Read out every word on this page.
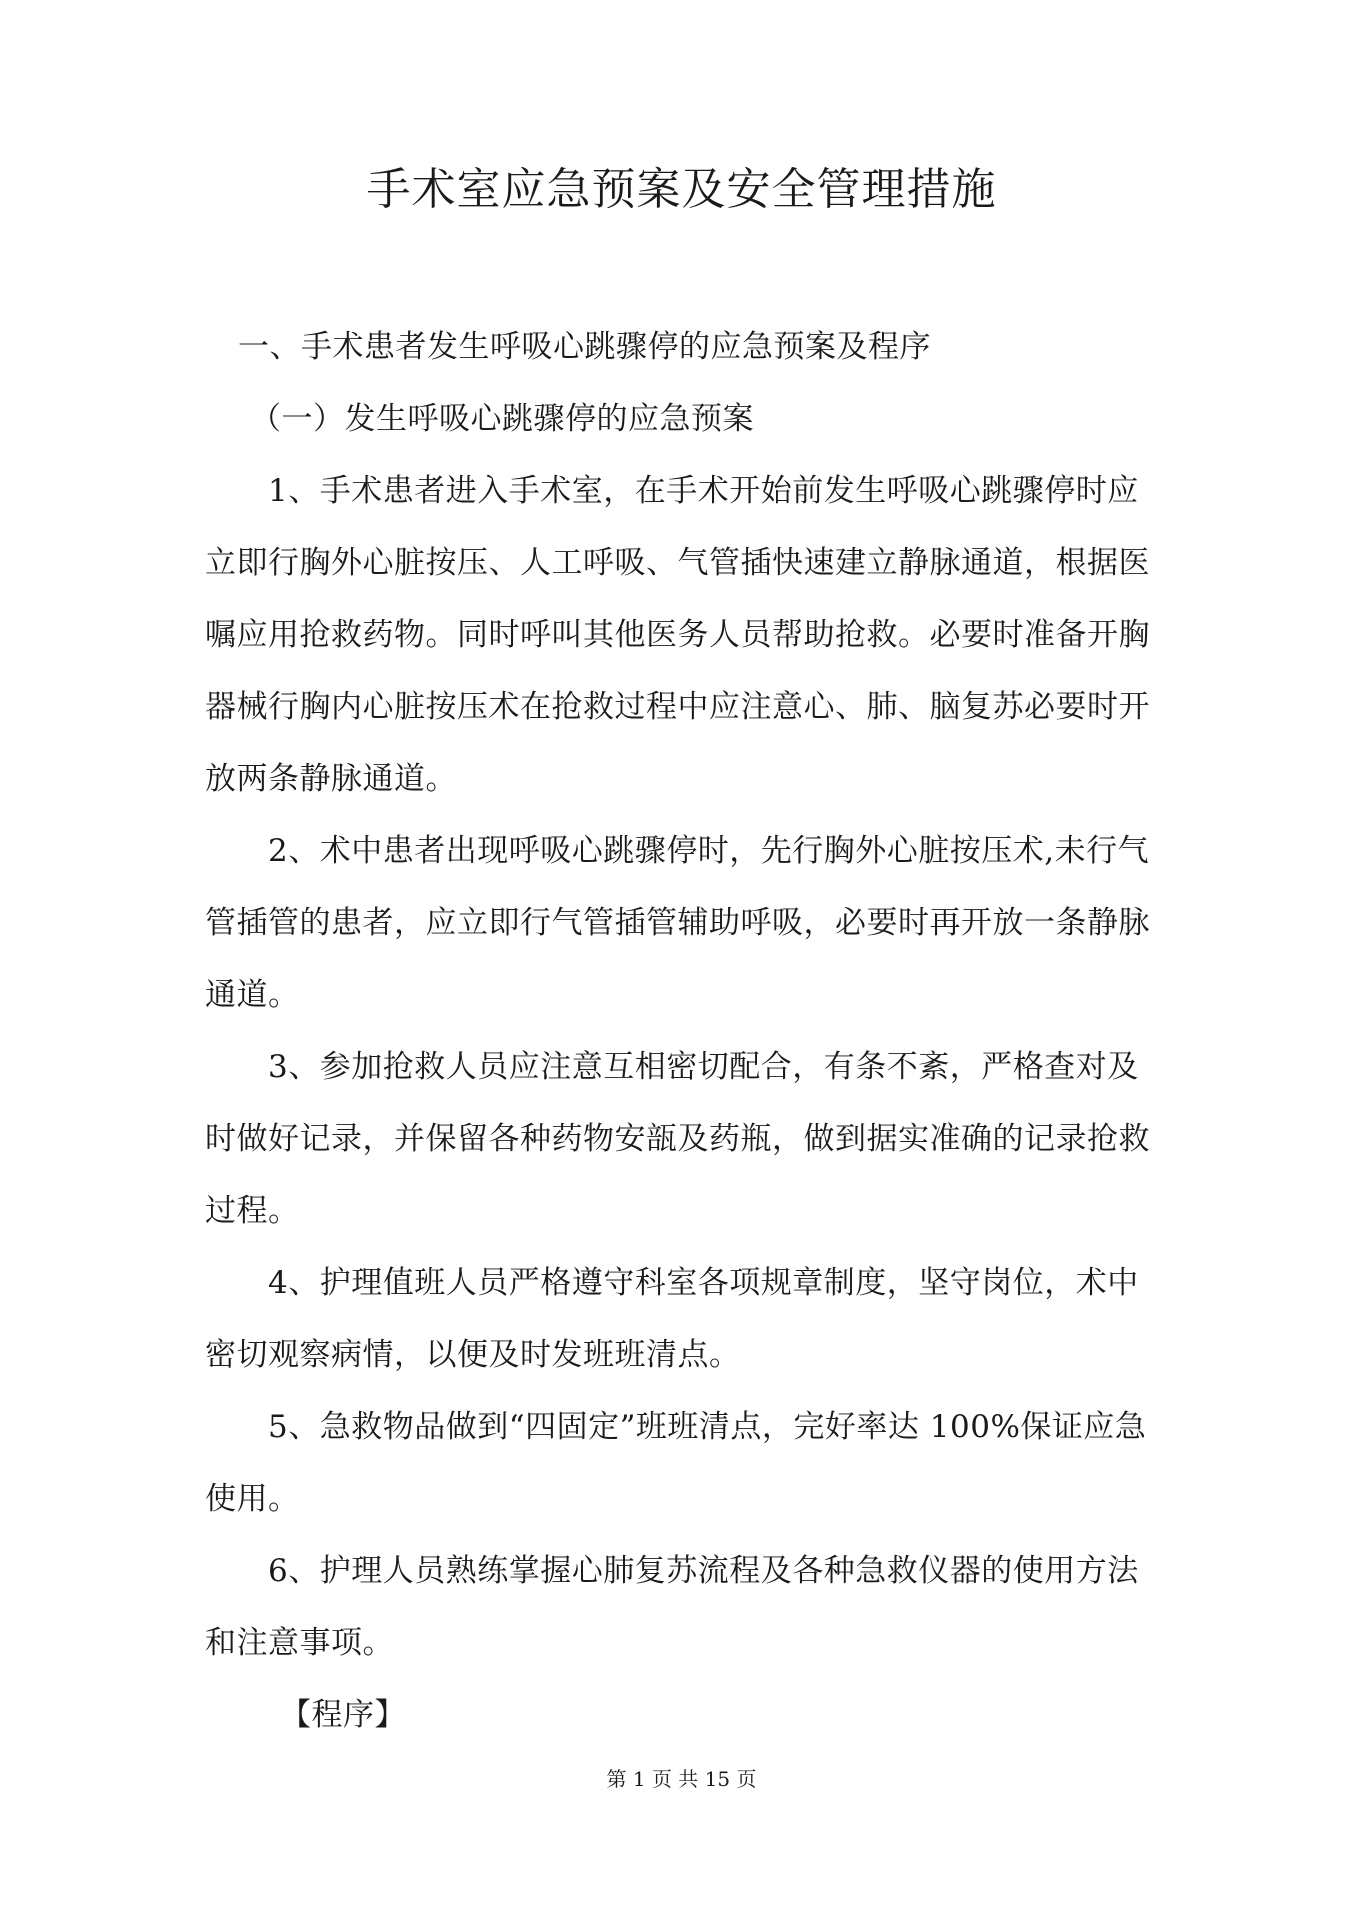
手术室应急预案及安全管理措施
一、手术患者发生呼吸心跳骤停的应急预案及程序
（一）发生呼吸心跳骤停的应急预案
1、手术患者进入手术室，在手术开始前发生呼吸心跳骤停时应
立即行胸外心脏按压、人工呼吸、气管插快速建立静脉通道，根据医
嘱应用抢救药物。同时呼叫其他医务人员帮助抢救。必要时准备开胸
器械行胸内心脏按压术在抢救过程中应注意心、肺、脑复苏必要时开
放两条静脉通道。
2、术中患者出现呼吸心跳骤停时，先行胸外心脏按压术,未行气
管插管的患者，应立即行气管插管辅助呼吸，必要时再开放一条静脉
通道。
3、参加抢救人员应注意互相密切配合，有条不紊，严格查对及
时做好记录，并保留各种药物安瓿及药瓶，做到据实准确的记录抢救
过程。
4、护理值班人员严格遵守科室各项规章制度，坚守岗位，术中
密切观察病情，以便及时发班班清点。
5、急救物品做到“四固定”班班清点，完好率达 100%保证应急
使用。
6、护理人员熟练掌握心肺复苏流程及各种急救仪器的使用方法
和注意事项。
【程序】
第 1 页 共 15 页
